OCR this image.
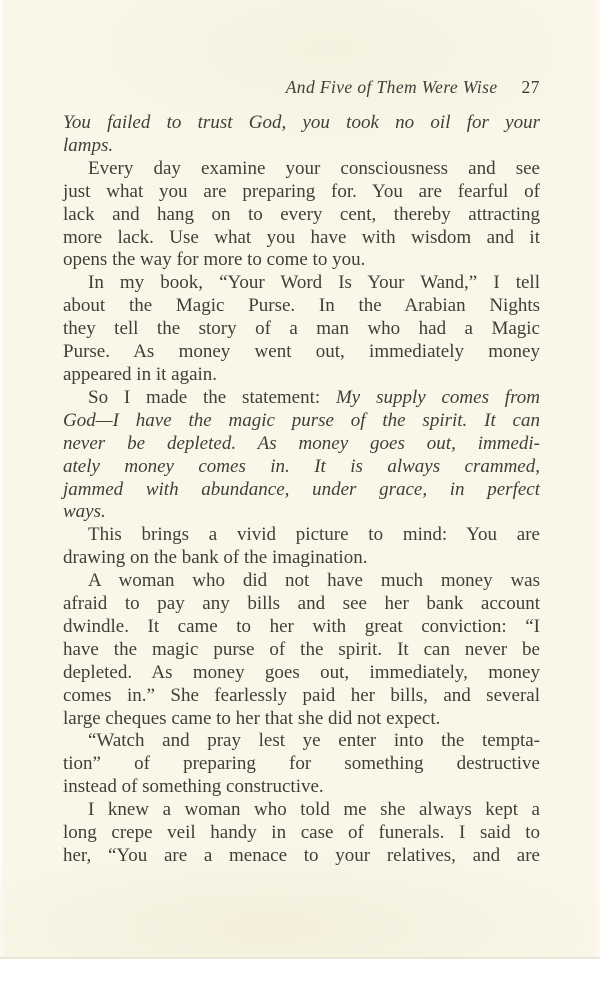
And Five of Them Were Wise 27
You failed to trust God, you took no oil for your
lamps.
Every day examine your consciousness and see
just what you are preparing for. You are fearful of
lack and hang on to every cent, thereby attracting
more lack. Use what you have with wisdom and it
opens the way for more to come to you.
In my book, “Your Word Is Your Wand,” I tell
about the Magic Purse. In the Arabian Nights
they tell the story of a man who had a Magic
Purse. As money went out, immediately money
appeared in it again.
So I made the statement: My supply comes from
God—I have the magic purse of the spirit. It can
never be depleted. As money goes out, immedi-
ately money comes in. It is always crammed,
jammed with abundance, under grace, in perfect
ways.
This brings a vivid picture to mind: You are
drawing on the bank of the imagination.
A woman who did not have much money was
afraid to pay any bills and see her bank account
dwindle. It came to her with great conviction: “I
have the magic purse of the spirit. It can never be
depleted. As money goes out, immediately, money
comes in.” She fearlessly paid her bills, and several
large cheques came to her that she did not expect.
“Watch and pray lest ye enter into the tempta-
tion” of preparing for something destructive
instead of something constructive.
I knew a woman who told me she always kept a
long crepe veil handy in case of funerals. I said to
her, “You are a menace to your relatives, and are
